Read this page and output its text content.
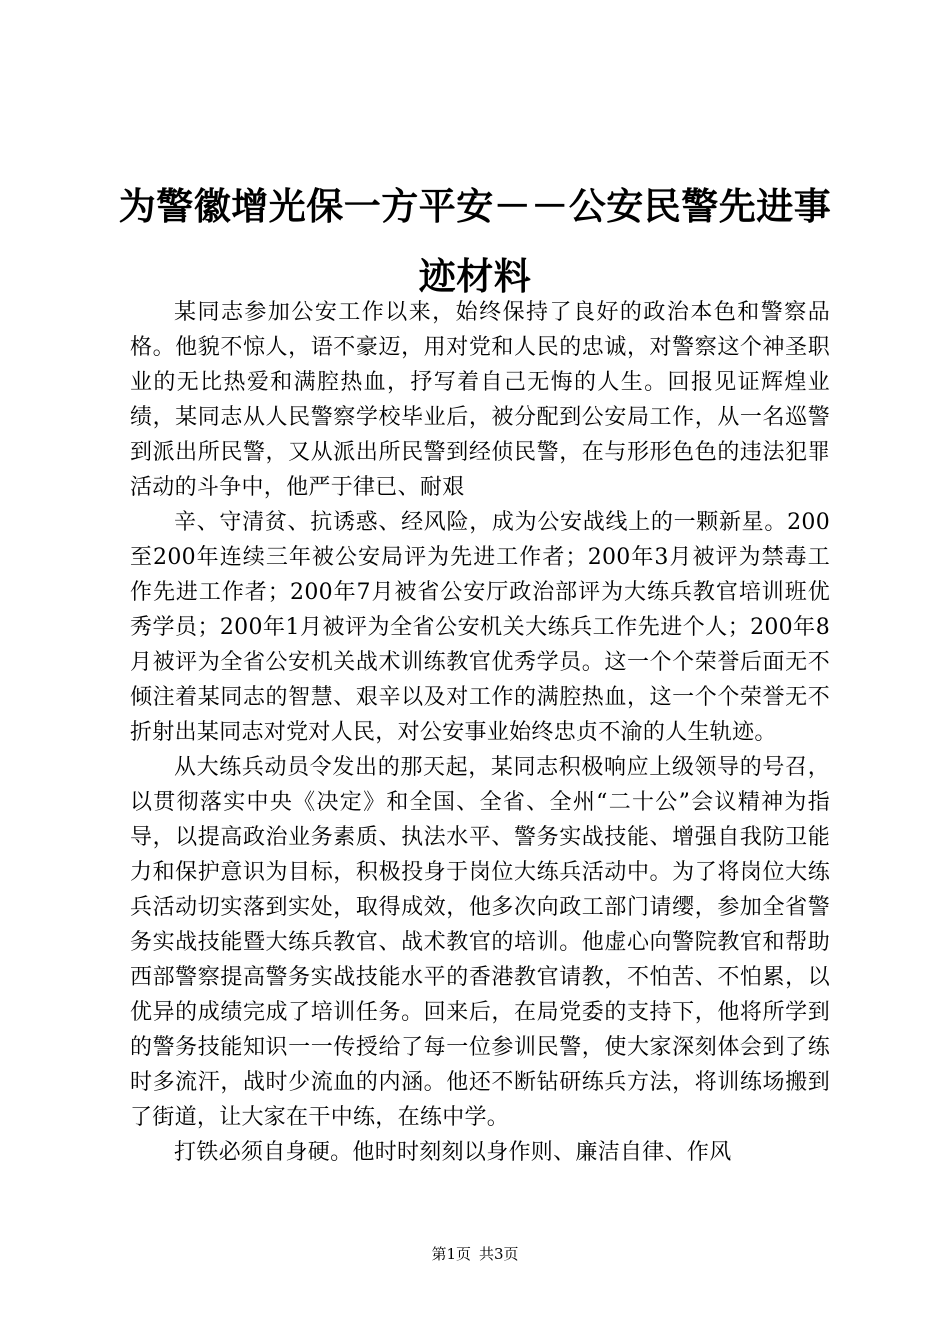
为警徽增光保一方平安－－公安民警先进事迹材料

某同志参加公安工作以来，始终保持了良好的政治本色和警察品格。他貌不惊人，语不豪迈，用对党和人民的忠诚，对警察这个神圣职业的无比热爱和满腔热血，抒写着自己无悔的人生。回报见证辉煌业绩，某同志从人民警察学校毕业后，被分配到公安局工作，从一名巡警到派出所民警，又从派出所民警到经侦民警，在与形形色色的违法犯罪活动的斗争中，他严于律已、耐艰

辛、守清贫、抗诱惑、经风险，成为公安战线上的一颗新星。200至200年连续三年被公安局评为先进工作者；200年3月被评为禁毒工作先进工作者；200年7月被省公安厅政治部评为大练兵教官培训班优秀学员；200年1月被评为全省公安机关大练兵工作先进个人；200年8月被评为全省公安机关战术训练教官优秀学员。这一个个荣誉后面无不倾注着某同志的智慧、艰辛以及对工作的满腔热血，这一个个荣誉无不折射出某同志对党对人民，对公安事业始终忠贞不渝的人生轨迹。

从大练兵动员令发出的那天起，某同志积极响应上级领导的号召，以贯彻落实中央《决定》和全国、全省、全州“二十公”会议精神为指导，以提高政治业务素质、执法水平、警务实战技能、增强自我防卫能力和保护意识为目标，积极投身于岗位大练兵活动中。为了将岗位大练兵活动切实落到实处，取得成效，他多次向政工部门请缨，参加全省警务实战技能暨大练兵教官、战术教官的培训。他虚心向警院教官和帮助西部警察提高警务实战技能水平的香港教官请教，不怕苦、不怕累，以优异的成绩完成了培训任务。回来后，在局党委的支持下，他将所学到的警务技能知识一一传授给了每一位参训民警，使大家深刻体会到了练时多流汗，战时少流血的内涵。他还不断钻研练兵方法，将训练场搬到了街道，让大家在干中练，在练中学。

打铁必须自身硬。他时时刻刻以身作则、廉洁自律、作风

第1页 共3页
